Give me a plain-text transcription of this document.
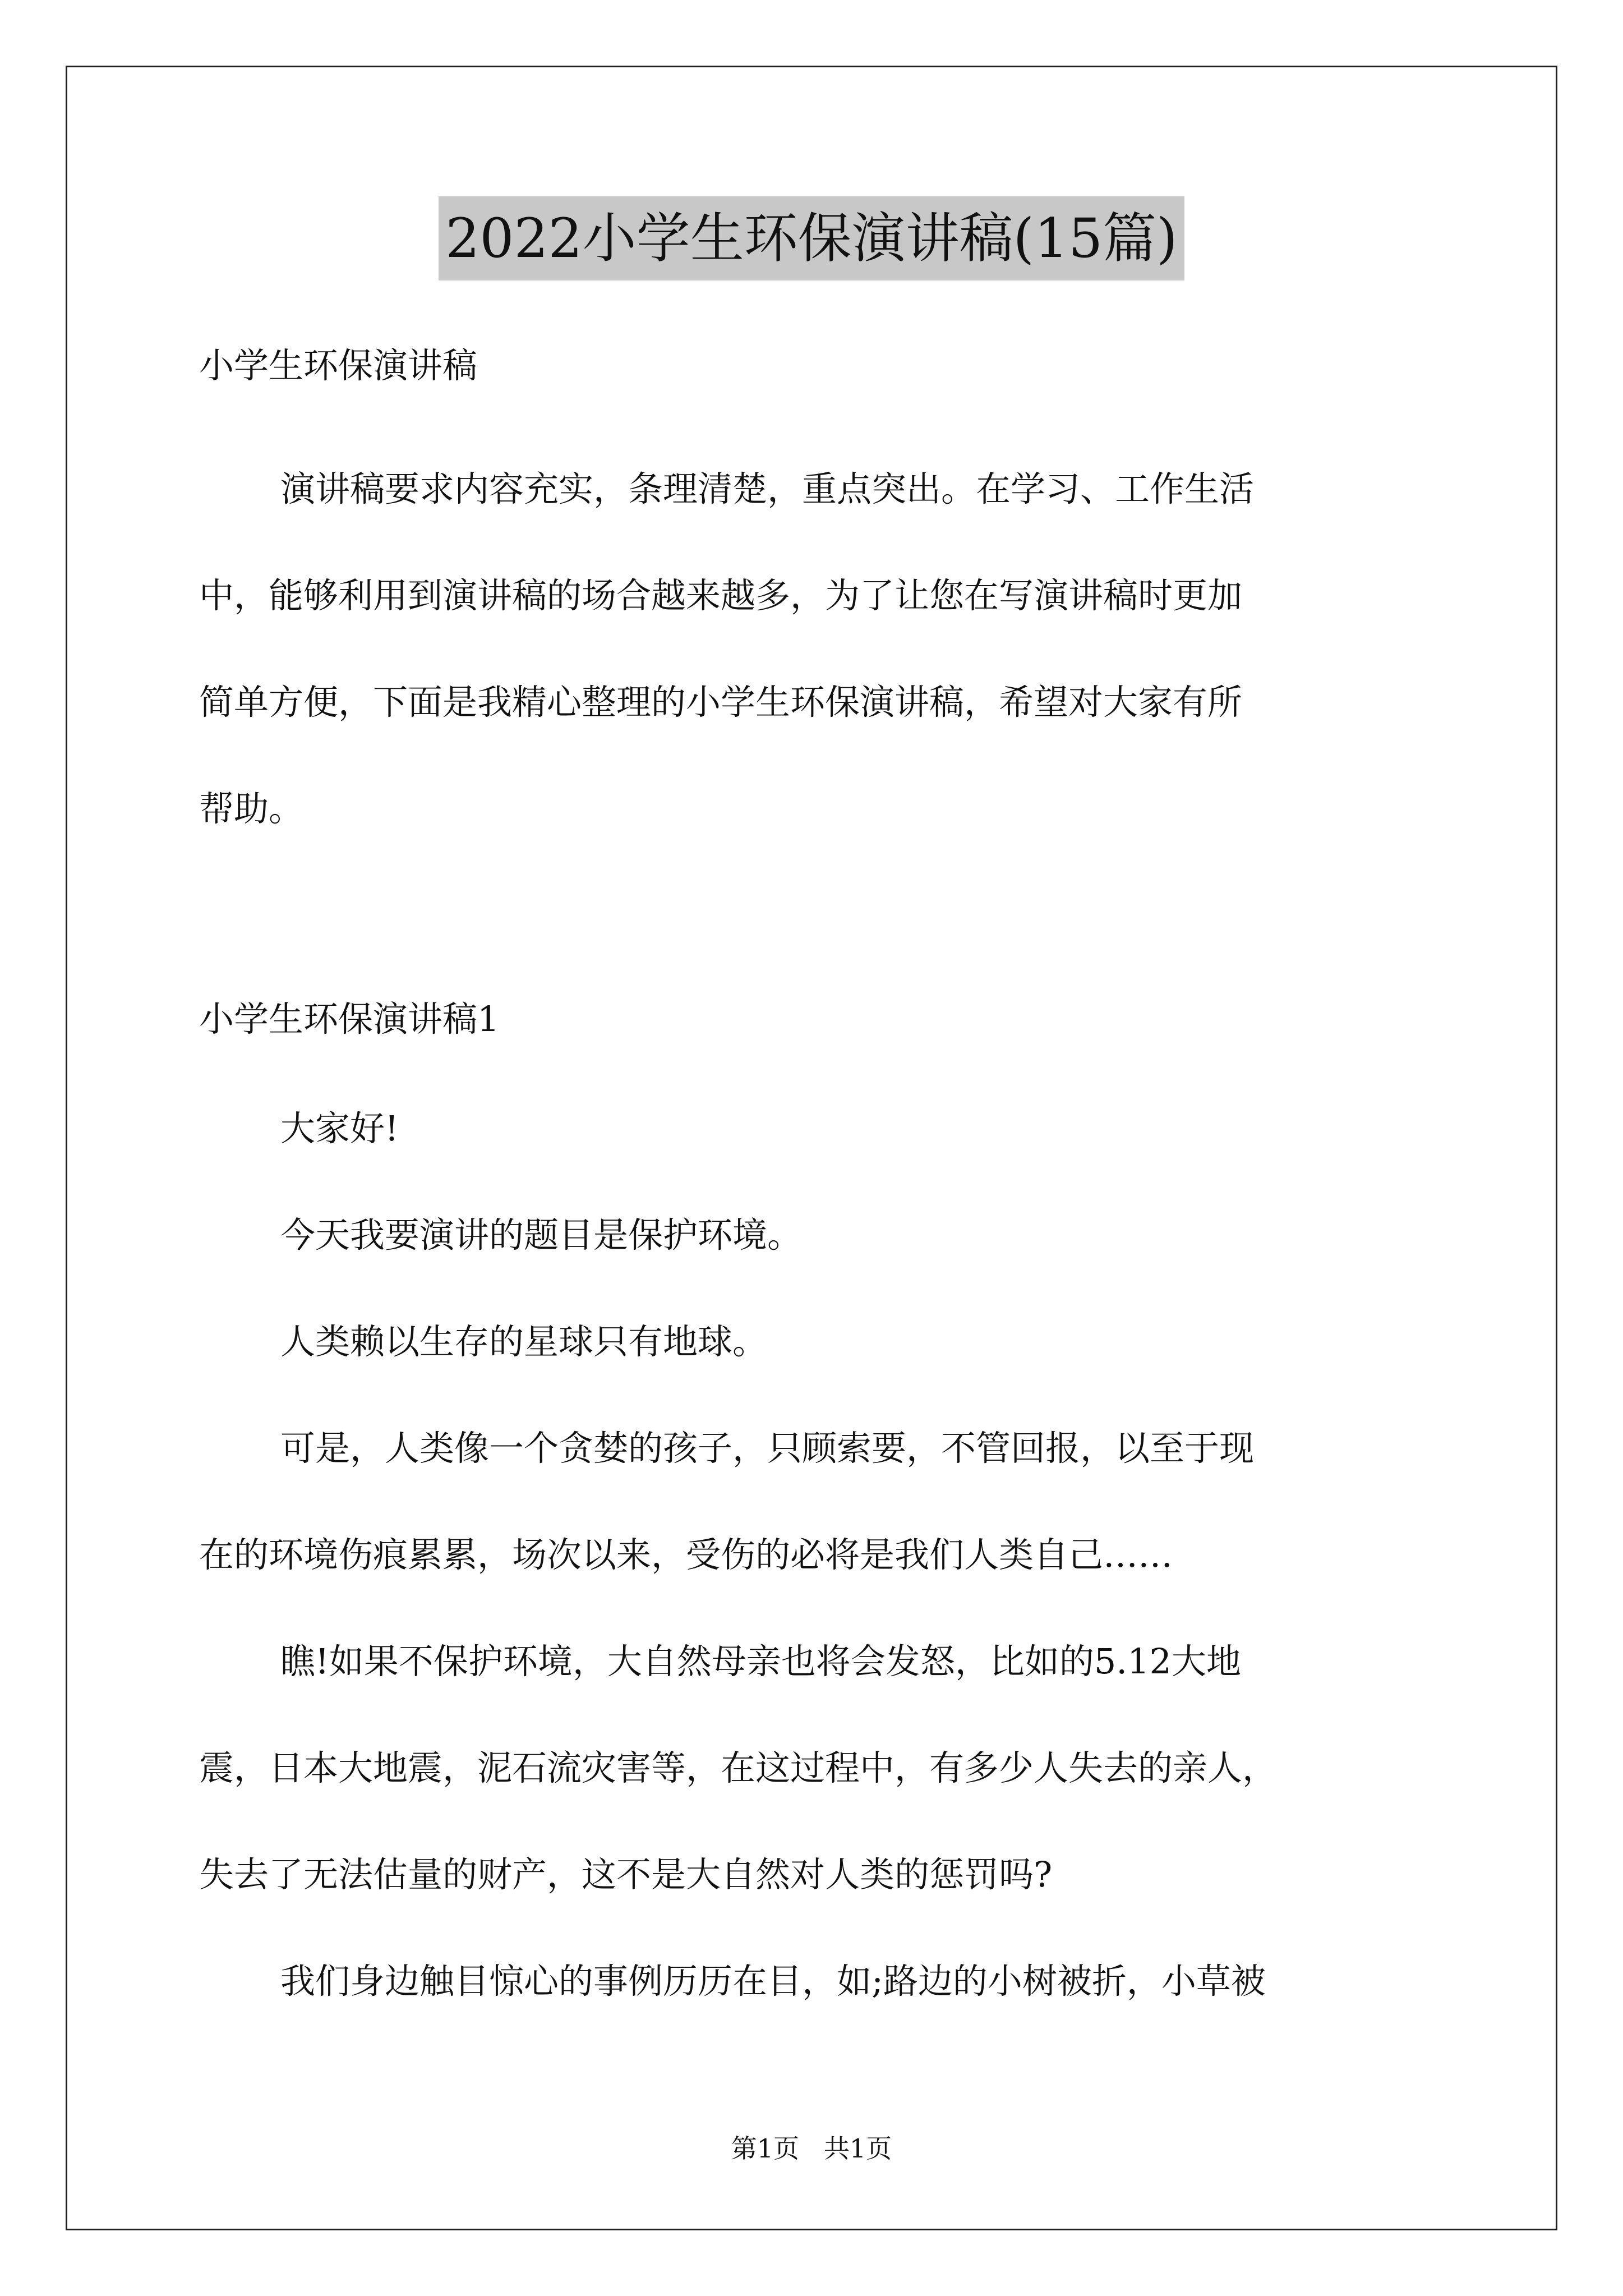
2022小学生环保演讲稿(15篇)
小学生环保演讲稿
演讲稿要求内容充实，条理清楚，重点突出。在学习、工作生活
中，能够利用到演讲稿的场合越来越多，为了让您在写演讲稿时更加
简单方便，下面是我精心整理的小学生环保演讲稿，希望对大家有所
帮助。
小学生环保演讲稿1
大家好!
今天我要演讲的题目是保护环境。
人类赖以生存的星球只有地球。
可是，人类像一个贪婪的孩子，只顾索要，不管回报，以至于现
在的环境伤痕累累，场次以来，受伤的必将是我们人类自己……
瞧!如果不保护环境，大自然母亲也将会发怒，比如的5.12大地
震，日本大地震，泥石流灾害等，在这过程中，有多少人失去的亲人，
失去了无法估量的财产，这不是大自然对人类的惩罚吗?
我们身边触目惊心的事例历历在目，如;路边的小树被折，小草被
第1页   共1页
